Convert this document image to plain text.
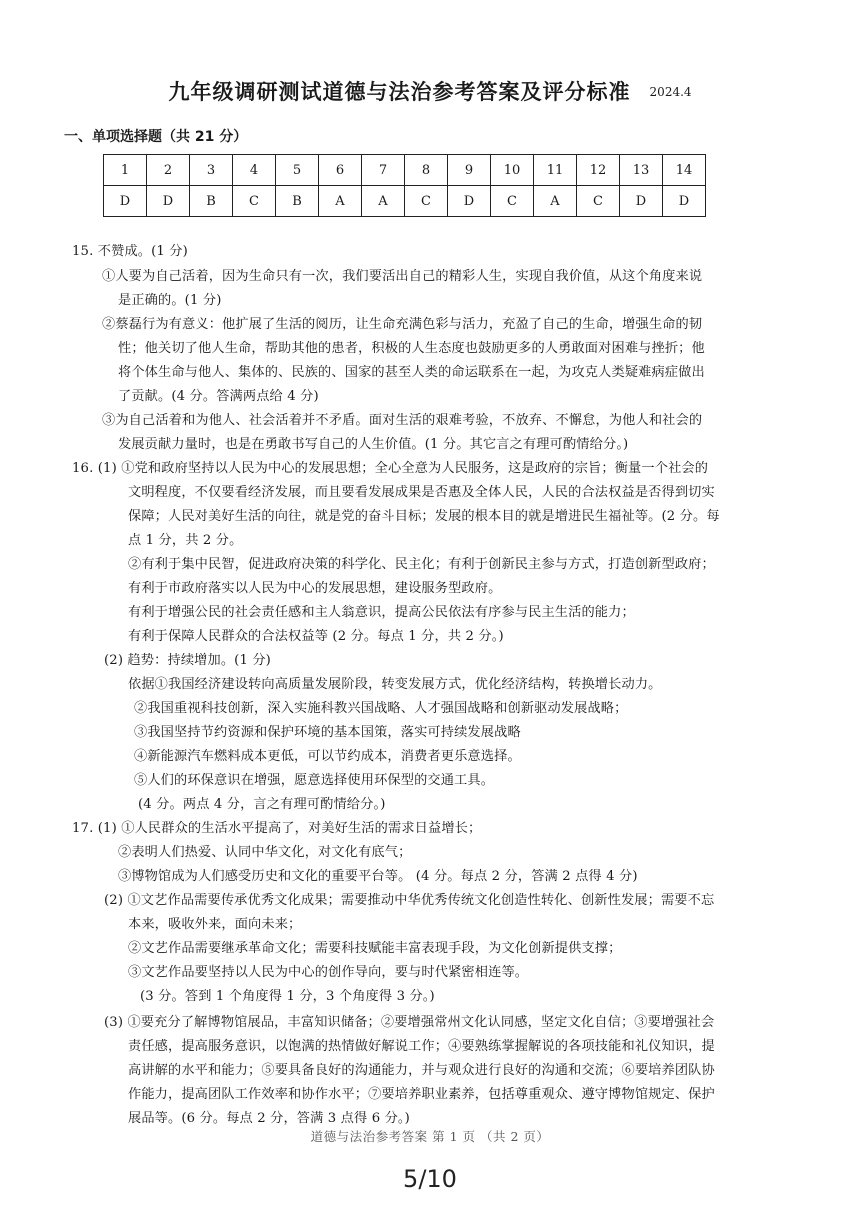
九年级调研测试道德与法治参考答案及评分标准 2024.4
一、单项选择题（共 21 分）
1	2	3	4	5	6	7	8	9	10	11	12	13	14
D	D	B	C	B	A	A	C	D	C	A	C	D	D
15. 不赞成。(1 分)
①人要为自己活着，因为生命只有一次，我们要活出自己的精彩人生，实现自我价值，从这个角度来说
是正确的。(1 分)
②蔡磊行为有意义：他扩展了生活的阅历，让生命充满色彩与活力，充盈了自己的生命，增强生命的韧
性；他关切了他人生命，帮助其他的患者，积极的人生态度也鼓励更多的人勇敢面对困难与挫折；他
将个体生命与他人、集体的、民族的、国家的甚至人类的命运联系在一起，为攻克人类疑难病症做出
了贡献。(4 分。答满两点给 4 分)
③为自己活着和为他人、社会活着并不矛盾。面对生活的艰难考验，不放弃、不懈怠，为他人和社会的
发展贡献力量时，也是在勇敢书写自己的人生价值。(1 分。其它言之有理可酌情给分。)
16. (1) ①党和政府坚持以人民为中心的发展思想；全心全意为人民服务，这是政府的宗旨；衡量一个社会的
文明程度，不仅要看经济发展，而且要看发展成果是否惠及全体人民，人民的合法权益是否得到切实
保障；人民对美好生活的向往，就是党的奋斗目标；发展的根本目的就是增进民生福祉等。(2 分。每
点 1 分，共 2 分。
②有利于集中民智，促进政府决策的科学化、民主化；有利于创新民主参与方式，打造创新型政府；
有利于市政府落实以人民为中心的发展思想，建设服务型政府。
有利于增强公民的社会责任感和主人翁意识，提高公民依法有序参与民主生活的能力；
有利于保障人民群众的合法权益等 (2 分。每点 1 分，共 2 分。)
(2) 趋势：持续增加。(1 分)
依据①我国经济建设转向高质量发展阶段，转变发展方式，优化经济结构，转换增长动力。
②我国重视科技创新，深入实施科教兴国战略、人才强国战略和创新驱动发展战略；
③我国坚持节约资源和保护环境的基本国策，落实可持续发展战略
④新能源汽车燃料成本更低，可以节约成本，消费者更乐意选择。
⑤人们的环保意识在增强，愿意选择使用环保型的交通工具。
(4 分。两点 4 分，言之有理可酌情给分。)
17. (1) ①人民群众的生活水平提高了，对美好生活的需求日益增长；
②表明人们热爱、认同中华文化，对文化有底气；
③博物馆成为人们感受历史和文化的重要平台等。 (4 分。每点 2 分，答满 2 点得 4 分)
(2) ①文艺作品需要传承优秀文化成果；需要推动中华优秀传统文化创造性转化、创新性发展；需要不忘
本来，吸收外来，面向未来；
②文艺作品需要继承革命文化；需要科技赋能丰富表现手段，为文化创新提供支撑；
③文艺作品要坚持以人民为中心的创作导向，要与时代紧密相连等。
(3 分。答到 1 个角度得 1 分，3 个角度得 3 分。)
(3) ①要充分了解博物馆展品，丰富知识储备；②要增强常州文化认同感，坚定文化自信；③要增强社会
责任感，提高服务意识，以饱满的热情做好解说工作；④要熟练掌握解说的各项技能和礼仪知识，提
高讲解的水平和能力；⑤要具备良好的沟通能力，并与观众进行良好的沟通和交流；⑥要培养团队协
作能力，提高团队工作效率和协作水平；⑦要培养职业素养，包括尊重观众、遵守博物馆规定、保护
展品等。(6 分。每点 2 分，答满 3 点得 6 分。)
道德与法治参考答案 第 1 页 （共 2 页）
5/10
